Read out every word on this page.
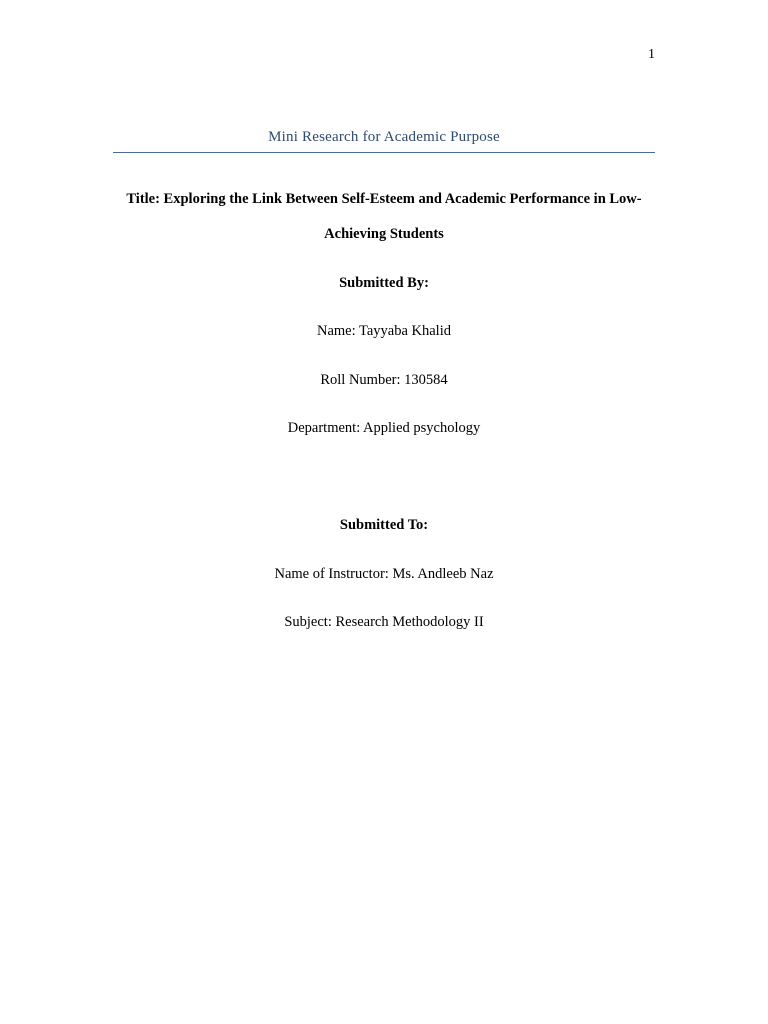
1
Mini Research for Academic Purpose
Title: Exploring the Link Between Self-Esteem and Academic Performance in Low-Achieving Students
Submitted By:
Name: Tayyaba Khalid
Roll Number: 130584
Department: Applied psychology
Submitted To:
Name of Instructor: Ms. Andleeb Naz
Subject: Research Methodology II
